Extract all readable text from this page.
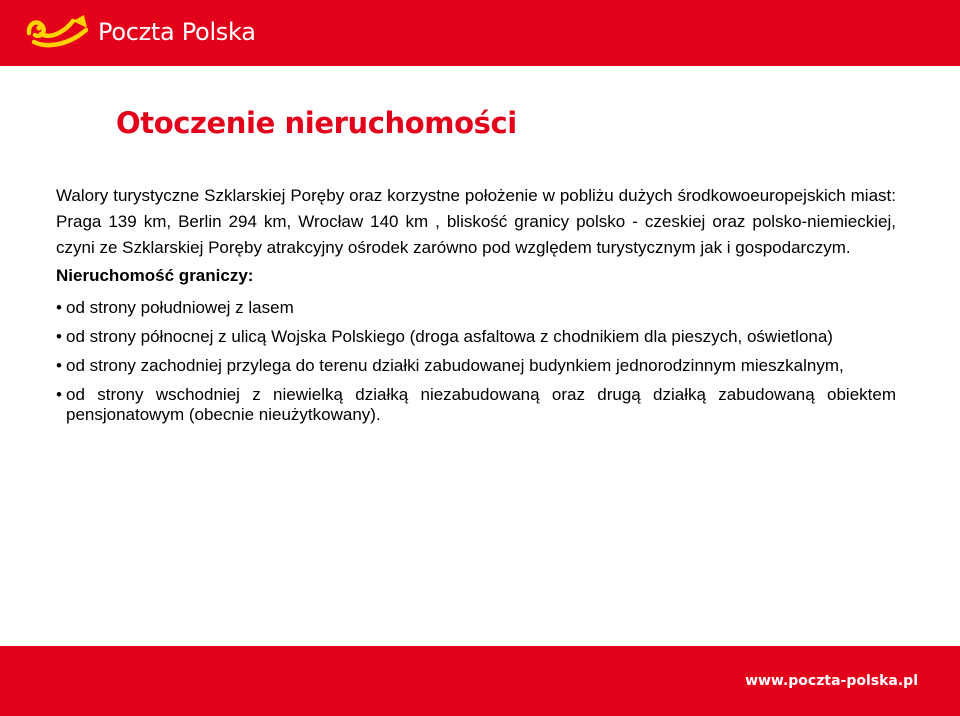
Poczta Polska
Otoczenie nieruchomości

Walory turystyczne Szklarskiej Poręby oraz korzystne położenie w pobliżu dużych środkowoeuropejskich miast: Praga 139 km, Berlin 294 km, Wrocław 140 km , bliskość granicy polsko - czeskiej oraz polsko-niemieckiej, czyni ze Szklarskiej Poręby atrakcyjny ośrodek zarówno pod względem turystycznym jak i gospodarczym.

Nieruchomość graniczy:

• od strony południowej z lasem
• od strony północnej z ulicą Wojska Polskiego (droga asfaltowa z chodnikiem dla pieszych, oświetlona)
• od strony zachodniej przylega do terenu działki zabudowanej budynkiem jednorodzinnym mieszkalnym,
• od strony wschodniej z niewielką działką niezabudowaną oraz drugą działką zabudowaną obiektem pensjonatowym (obecnie nieużytkowany).
www.poczta-polska.pl
